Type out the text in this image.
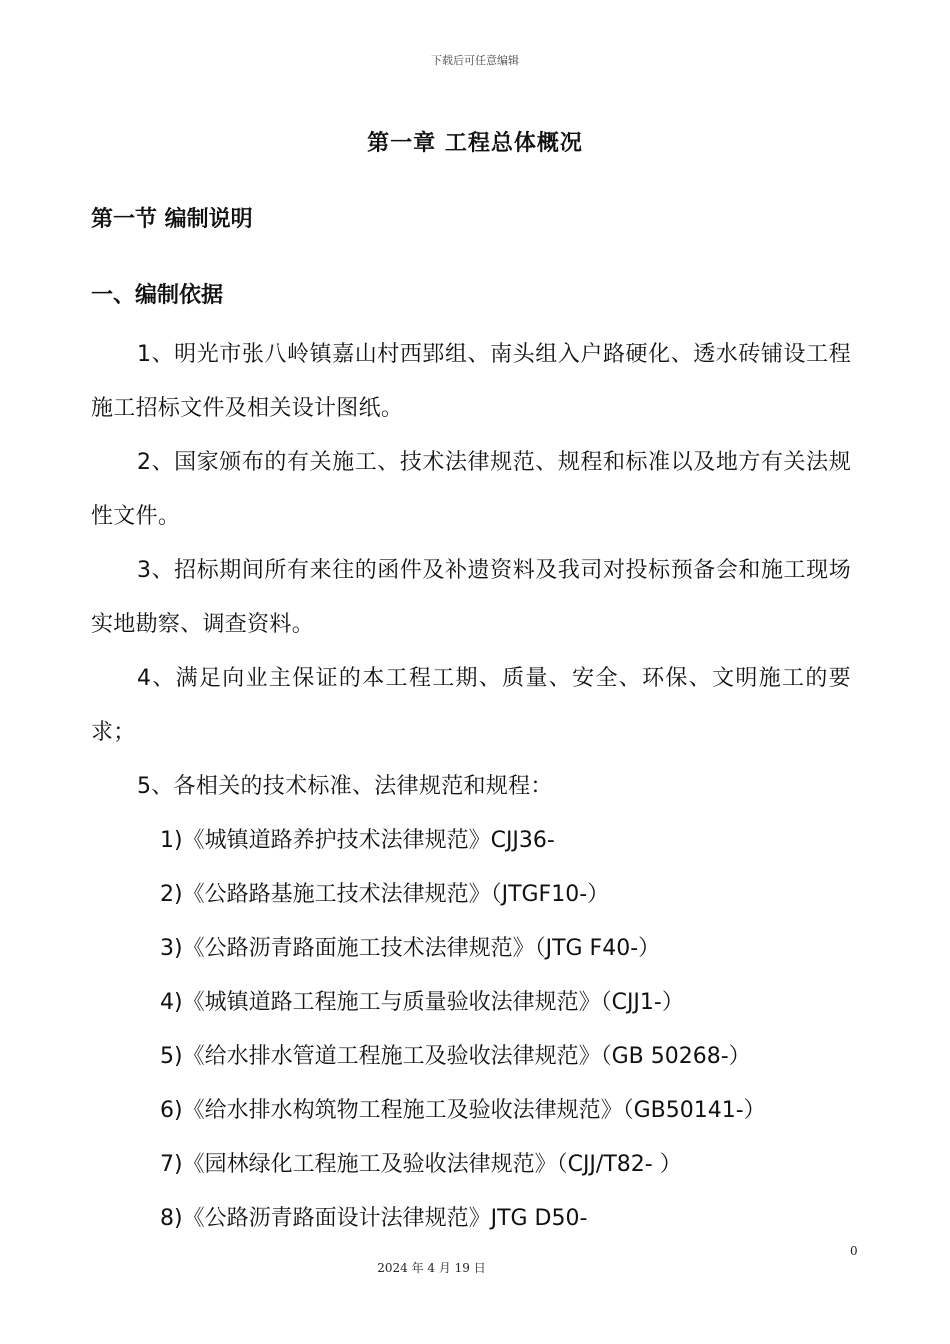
下载后可任意编辑
第一章 工程总体概况
第一节 编制说明
一、编制依据

1、明光市张八岭镇嘉山村西郢组、南头组入户路硬化、透水砖铺设工程施工招标文件及相关设计图纸。

2、国家颁布的有关施工、技术法律规范、规程和标准以及地方有关法规性文件。

3、招标期间所有来往的函件及补遗资料及我司对投标预备会和施工现场实地勘察、调查资料。

4、满足向业主保证的本工程工期、质量、安全、环保、文明施工的要求；

5、各相关的技术标准、法律规范和规程：

1)《城镇道路养护技术法律规范》CJJ36-
2)《公路路基施工技术法律规范》（JTGF10-）
3)《公路沥青路面施工技术法律规范》（JTG F40-）
4)《城镇道路工程施工与质量验收法律规范》（CJJ1-）
5)《给水排水管道工程施工及验收法律规范》（GB 50268-）
6)《给水排水构筑物工程施工及验收法律规范》（GB50141-）
7)《园林绿化工程施工及验收法律规范》（CJJ/T82- ）
8)《公路沥青路面设计法律规范》JTG D50-
0
2024 年 4 月 19 日
